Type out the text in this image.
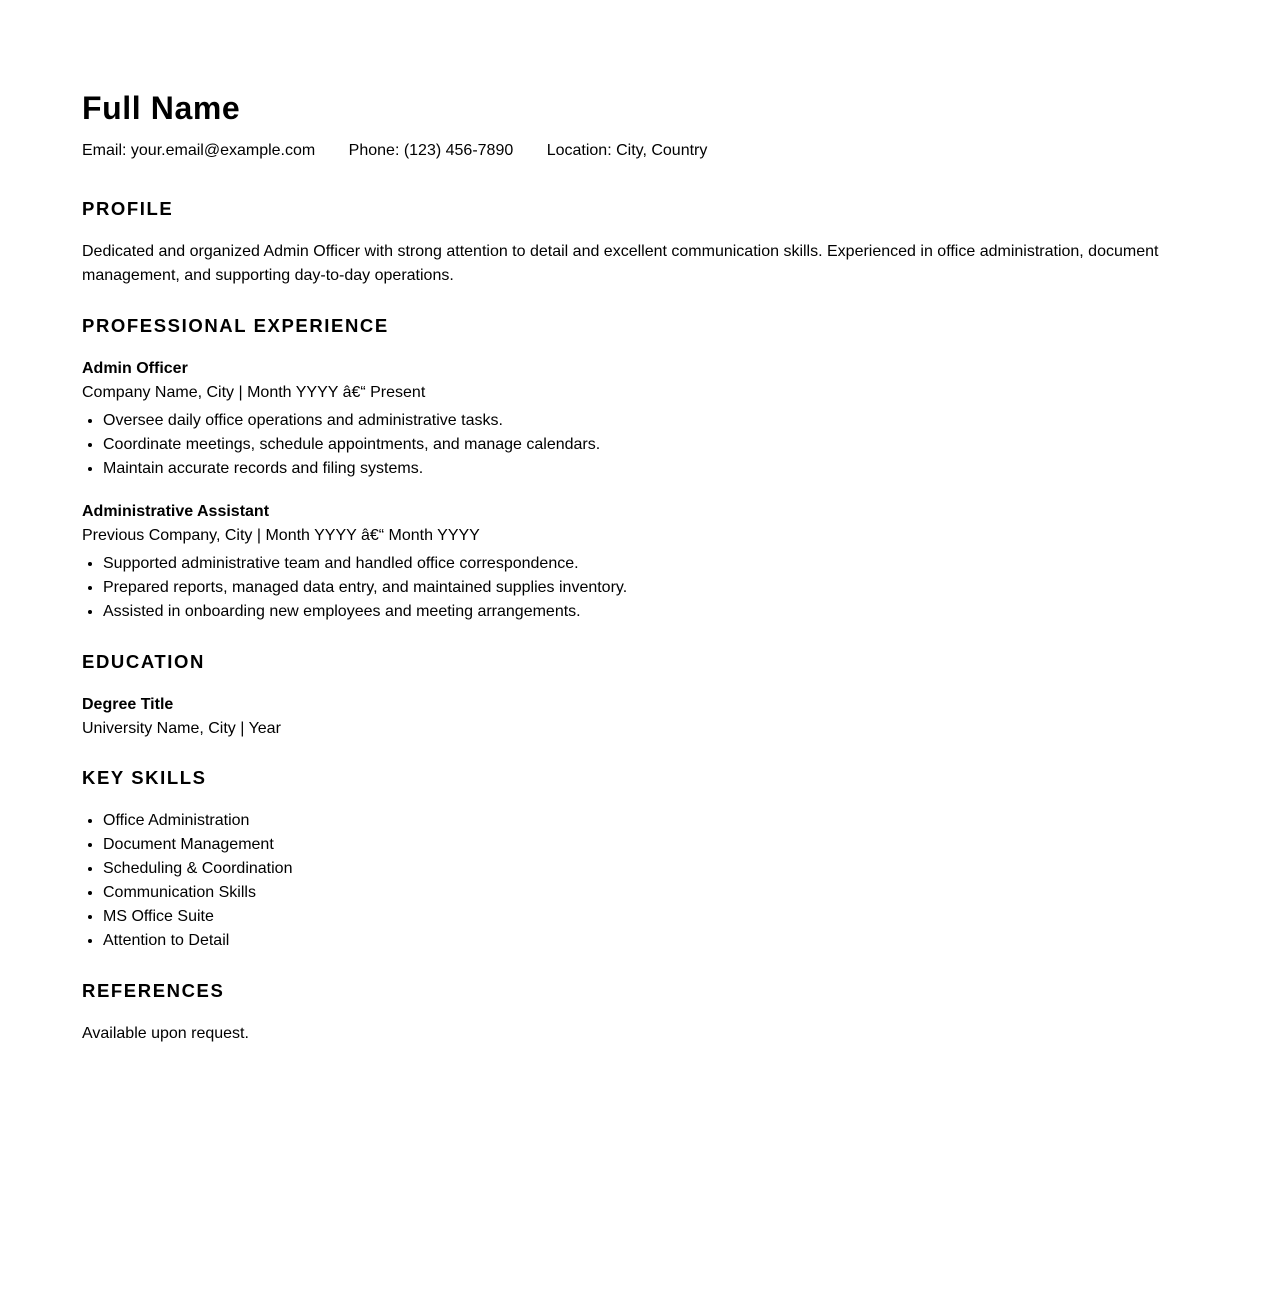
Full Name
Email: your.email@example.com Phone: (123) 456-7890 Location: City, Country
PROFILE

Dedicated and organized Admin Officer with strong attention to detail and excellent communication skills. Experienced in office administration, document management, and supporting day-to-day operations.

PROFESSIONAL EXPERIENCE
Admin Officer
Company Name, City | Month YYYY â€“ Present
• Oversee daily office operations and administrative tasks.
• Coordinate meetings, schedule appointments, and manage calendars.
• Maintain accurate records and filing systems.
Administrative Assistant
Previous Company, City | Month YYYY â€“ Month YYYY
• Supported administrative team and handled office correspondence.
• Prepared reports, managed data entry, and maintained supplies inventory.
• Assisted in onboarding new employees and meeting arrangements.
EDUCATION
Degree Title
University Name, City | Year
KEY SKILLS
• Office Administration
• Document Management
• Scheduling & Coordination
• Communication Skills
• MS Office Suite
• Attention to Detail
REFERENCES

Available upon request.
